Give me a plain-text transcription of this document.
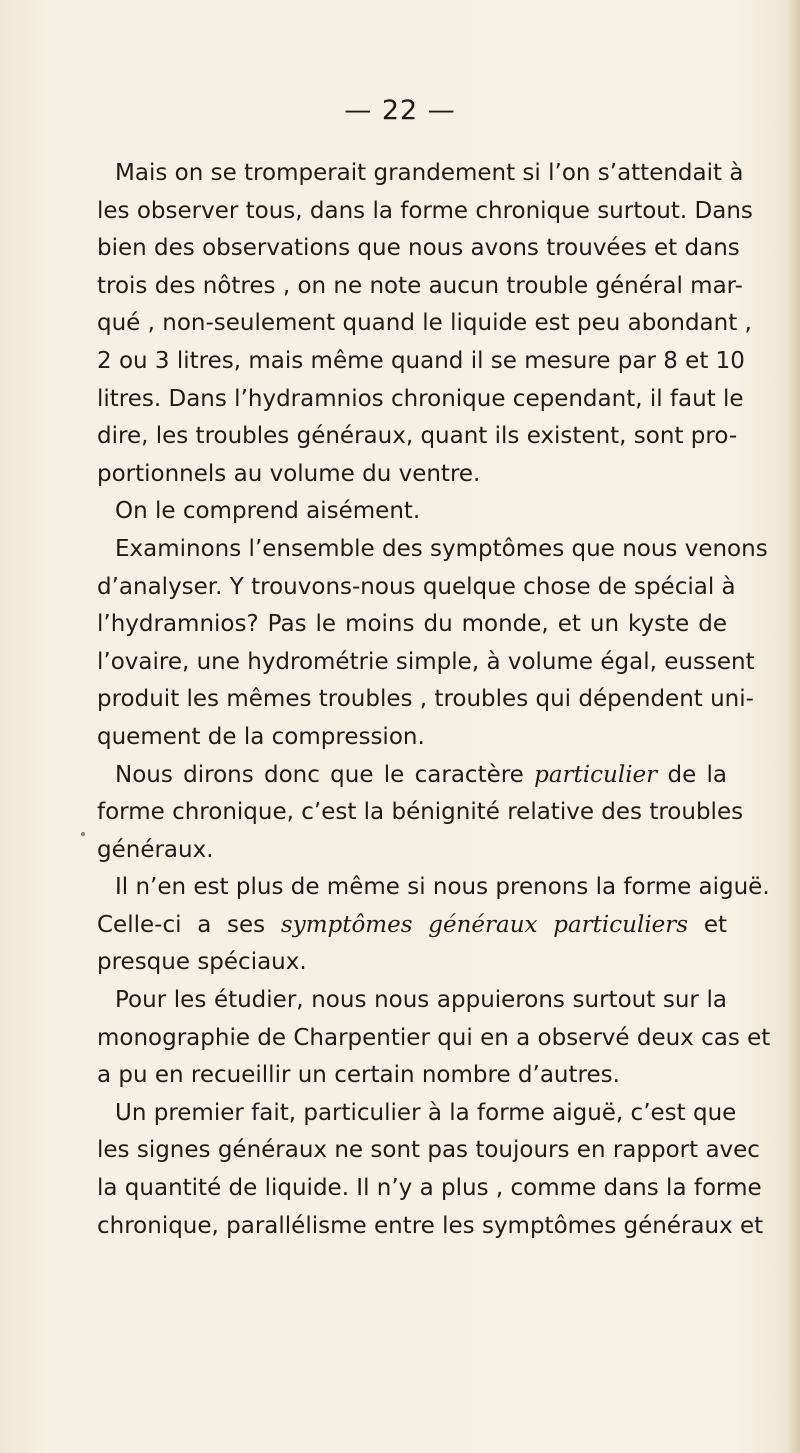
— 22 —

Mais on se tromperait grandement si l’on s’attendait à
les observer tous, dans la forme chronique surtout. Dans
bien des observations que nous avons trouvées et dans
trois des nôtres , on ne note aucun trouble général mar-
qué , non-seulement quand le liquide est peu abondant ,
2 ou 3 litres, mais même quand il se mesure par 8 et 10
litres. Dans l’hydramnios chronique cependant, il faut le
dire, les troubles généraux, quant ils existent, sont pro-
portionnels au volume du ventre.

On le comprend aisément.

Examinons l’ensemble des symptômes que nous venons
d’analyser. Y trouvons-nous quelque chose de spécial à
l’hydramnios? Pas le moins du monde, et un kyste de
l’ovaire, une hydrométrie simple, à volume égal, eussent
produit les mêmes troubles , troubles qui dépendent uni-
quement de la compression.

Nous dirons donc que le caractère particulier de la
forme chronique, c’est la bénignité relative des troubles
généraux.

Il n’en est plus de même si nous prenons la forme aiguë.
Celle-ci a ses symptômes généraux particuliers et
presque spéciaux.

Pour les étudier, nous nous appuierons surtout sur la
monographie de Charpentier qui en a observé deux cas et
a pu en recueillir un certain nombre d’autres.

Un premier fait, particulier à la forme aiguë, c’est que
les signes généraux ne sont pas toujours en rapport avec
la quantité de liquide. Il n’y a plus , comme dans la forme
chronique, parallélisme entre les symptômes généraux et
